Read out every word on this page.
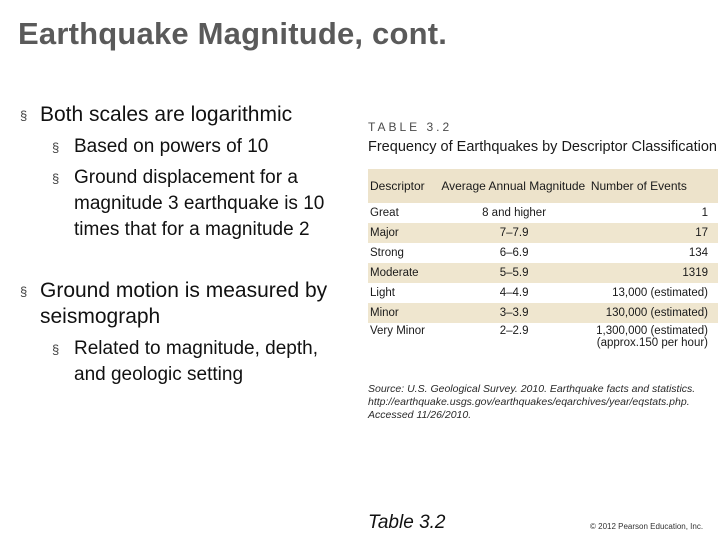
Earthquake Magnitude, cont.
§ Both scales are logarithmic
§ Based on powers of 10
§ Ground displacement for a magnitude 3 earthquake is 10 times that for a magnitude 2
§ Ground motion is measured by seismograph
§ Related to magnitude, depth, and geologic setting
TABLE 3.2
Frequency of Earthquakes by Descriptor Classification
Descriptor	Average Annual Magnitude	Number of Events
Great	8 and higher	1
Major	7–7.9	17
Strong	6–6.9	134
Moderate	5–5.9	1319
Light	4–4.9	13,000 (estimated)
Minor	3–3.9	130,000 (estimated)
Very Minor	2–2.9	1,300,000 (estimated)
(approx.150 per hour)
Source: U.S. Geological Survey. 2010. Earthquake facts and statistics. http://earthquake.usgs.gov/earthquakes/eqarchives/year/eqstats.php. Accessed 11/26/2010.
Table 3.2	© 2012 Pearson Education, Inc.
